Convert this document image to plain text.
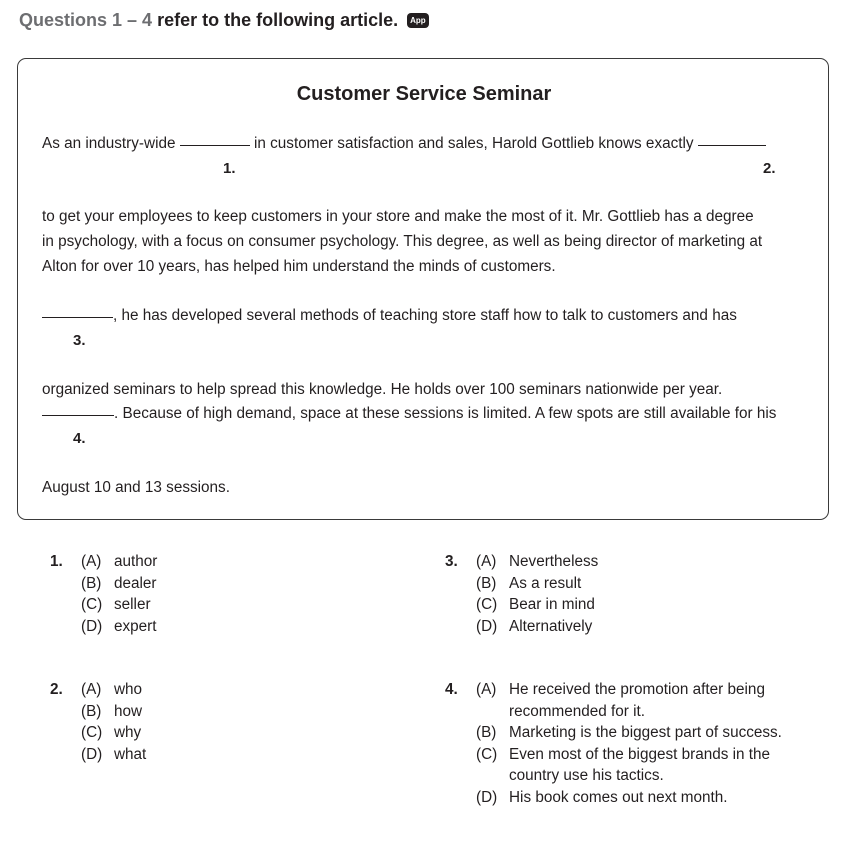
Questions 1 – 4 refer to the following article. App
Customer Service Seminar
As an industry-wide	in customer satisfaction and sales, Harold Gottlieb knows exactly
1.	2.
to get your employees to keep customers in your store and make the most of it. Mr. Gottlieb has a degree
in psychology, with a focus on consumer psychology. This degree, as well as being director of marketing at
Alton for over 10 years, has helped him understand the minds of customers.
, he has developed several methods of teaching store staff how to talk to customers and has
3.
organized seminars to help spread this knowledge. He holds over 100 seminars nationwide per year.
. Because of high demand, space at these sessions is limited. A few spots are still available for his
4.
August 10 and 13 sessions.
1. (A) author
(B) dealer
(C) seller
(D) expert
2. (A) who
(B) how
(C) why
(D) what
3. (A) Nevertheless
(B) As a result
(C) Bear in mind
(D) Alternatively
4. (A) He received the promotion after being recommended for it.
(B) Marketing is the biggest part of success.
(C) Even most of the biggest brands in the country use his tactics.
(D) His book comes out next month.
